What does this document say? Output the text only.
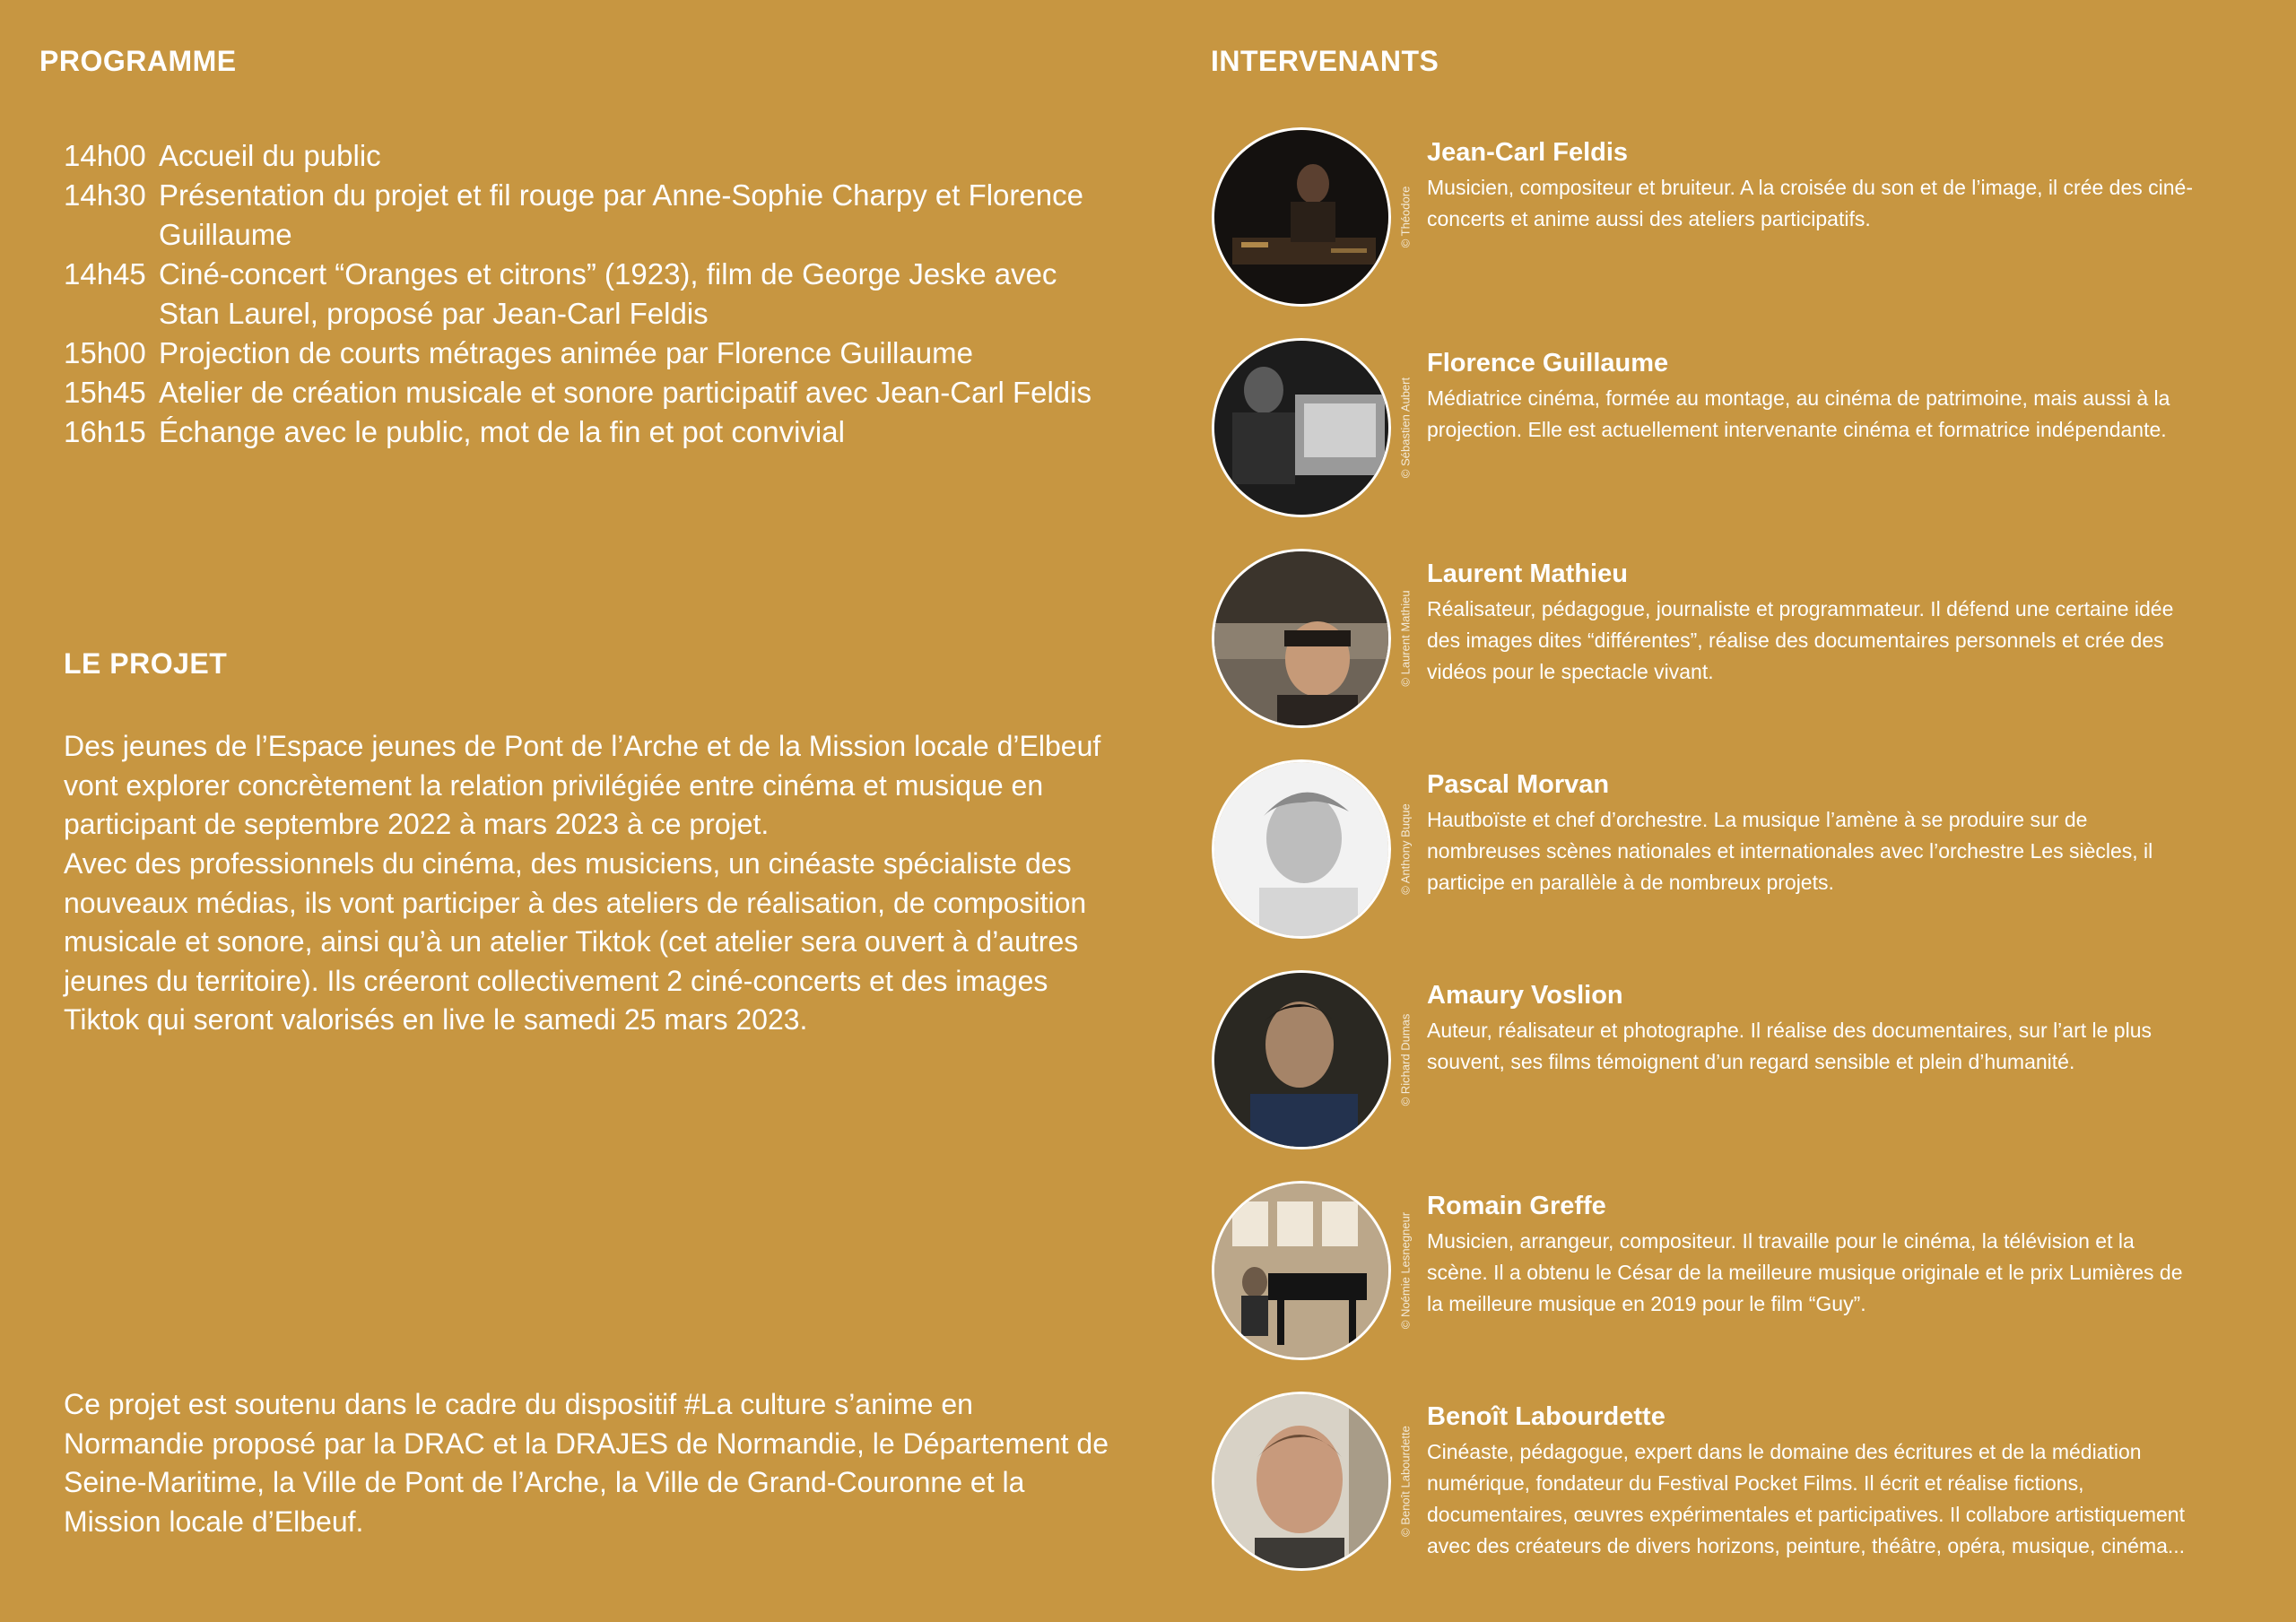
PROGRAMME
14h00 Accueil du public
14h30 Présentation du projet et fil rouge par Anne-Sophie Charpy et Florence Guillaume
14h45 Ciné-concert “Oranges et citrons” (1923), film de George Jeske avec Stan Laurel, proposé par Jean-Carl Feldis
15h00 Projection de courts métrages animée par Florence Guillaume
15h45 Atelier de création musicale et sonore participatif avec Jean-Carl Feldis
16h15 Échange avec le public, mot de la fin et pot convivial
LE PROJET

Des jeunes de l’Espace jeunes de Pont de l’Arche et de la Mission locale d’Elbeuf vont explorer concrètement la relation privilégiée entre cinéma et musique en participant de septembre 2022 à mars 2023 à ce projet.

Avec des professionnels du cinéma, des musiciens, un cinéaste spécialiste des nouveaux médias, ils vont participer à des ateliers de réalisation, de composition musicale et sonore, ainsi qu’à un atelier Tiktok (cet atelier sera ouvert à d’autres jeunes du territoire). Ils créeront collectivement 2 ciné-concerts et des images Tiktok qui seront valorisés en live le samedi 25 mars 2023.

Ce projet est soutenu dans le cadre du dispositif #La culture s’anime en Normandie proposé par la DRAC et la DRAJES de Normandie, le Département de Seine-Maritime, la Ville de Pont de l’Arche, la Ville de Grand-Couronne et la Mission locale d’Elbeuf.

INTERVENANTS
© Théodore
Jean-Carl Feldis

Musicien, compositeur et bruiteur. A la croisée du son et de l’image, il crée des ciné-concerts et anime aussi des ateliers participatifs.

© Sébastien Aubert
Florence Guillaume

Médiatrice cinéma, formée au montage, au cinéma de patrimoine, mais aussi à la projection. Elle est actuellement intervenante cinéma et formatrice indépendante.

© Laurent Mathieu
Laurent Mathieu

Réalisateur, pédagogue, journaliste et programmateur. Il défend une certaine idée des images dites “différentes”, réalise des documentaires personnels et crée des vidéos pour le spectacle vivant.

© Anthony Buque
Pascal Morvan

Hautboïste et chef d’orchestre. La musique l’amène à se produire sur de nombreuses scènes nationales et internationales avec l’orchestre Les siècles, il participe en parallèle à de nombreux projets.

© Richard Dumas
Amaury Voslion

Auteur, réalisateur et photographe. Il réalise des documentaires, sur l’art le plus souvent, ses films témoignent d’un regard sensible et plein d’humanité.

© Noémie Lesnegneur
Romain Greffe

Musicien, arrangeur, compositeur. Il travaille pour le cinéma, la télévision et la scène. Il a obtenu le César de la meilleure musique originale et le prix Lumières de la meilleure musique en 2019 pour le film “Guy”.

© Benoît Labourdette
Benoît Labourdette

Cinéaste, pédagogue, expert dans le domaine des écritures et de la médiation numérique, fondateur du Festival Pocket Films. Il écrit et réalise fictions, documentaires, œuvres expérimentales et participatives. Il collabore artistiquement avec des créateurs de divers horizons, peinture, théâtre, opéra, musique, cinéma...
